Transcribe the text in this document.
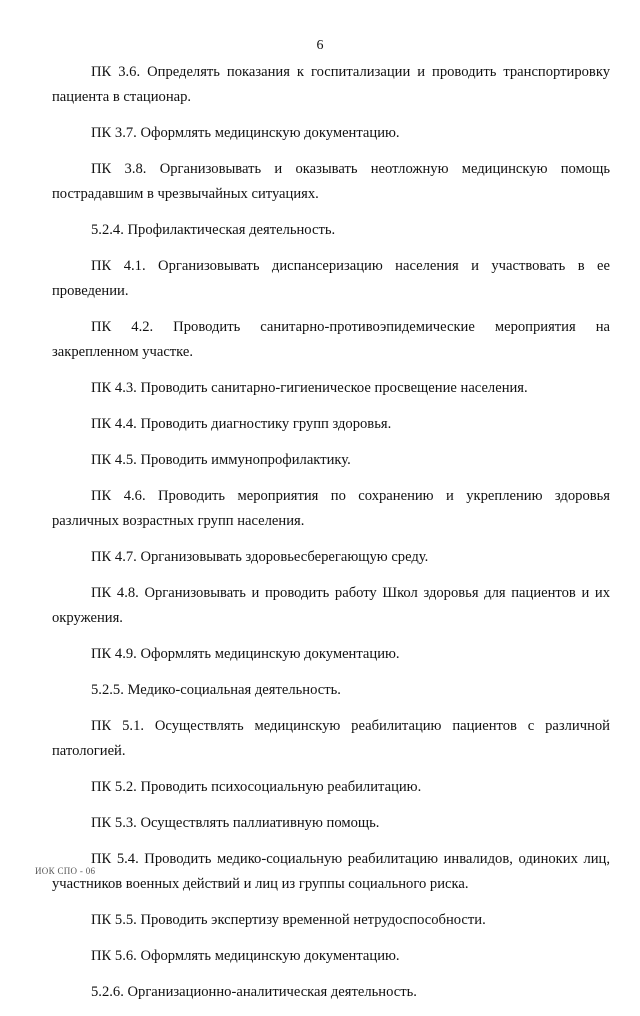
6

ПК 3.6. Определять показания к госпитализации и проводить транспортировку пациента в стационар.

ПК 3.7. Оформлять медицинскую документацию.

ПК 3.8. Организовывать и оказывать неотложную медицинскую помощь пострадавшим в чрезвычайных ситуациях.

5.2.4. Профилактическая деятельность.

ПК 4.1. Организовывать диспансеризацию населения и участвовать в ее проведении.

ПК 4.2. Проводить санитарно-противоэпидемические мероприятия на закрепленном участке.

ПК 4.3. Проводить санитарно-гигиеническое просвещение населения.

ПК 4.4. Проводить диагностику групп здоровья.

ПК 4.5. Проводить иммунопрофилактику.

ПК 4.6. Проводить мероприятия по сохранению и укреплению здоровья различных возрастных групп населения.

ПК 4.7. Организовывать здоровьесберегающую среду.

ПК 4.8. Организовывать и проводить работу Школ здоровья для пациентов и их окружения.

ПК 4.9. Оформлять медицинскую документацию.

5.2.5. Медико-социальная деятельность.

ПК 5.1. Осуществлять медицинскую реабилитацию пациентов с различной патологией.

ПК 5.2. Проводить психосоциальную реабилитацию.

ПК 5.3. Осуществлять паллиативную помощь.

ПК 5.4. Проводить медико-социальную реабилитацию инвалидов, одиноких лиц, участников военных действий и лиц из группы социального риска.

ПК 5.5. Проводить экспертизу временной нетрудоспособности.

ПК 5.6. Оформлять медицинскую документацию.

5.2.6. Организационно-аналитическая деятельность.

ИОК СПО - 06
